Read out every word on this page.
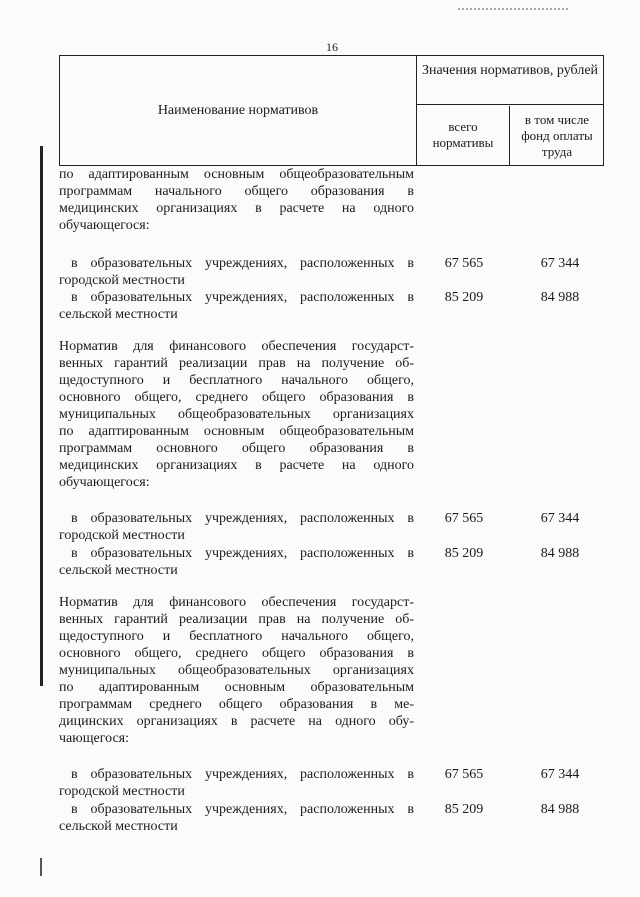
16
Наименование нормативов
Значения нормативов, рублей
всего нормативы
в том числе фонд оплаты труда
по адаптированным основным общеобразовательным
программам начального общего образования в
медицинских организациях в расчете на одного
обучающегося:
в образовательных учреждениях, расположенных в
городской местности
67 565	67 344
в образовательных учреждениях, расположенных в
сельской местности
85 209	84 988
Норматив для финансового обеспечения государст-
венных гарантий реализации прав на получение об-
щедоступного и бесплатного начального общего,
основного общего, среднего общего образования в
муниципальных общеобразовательных организациях
по адаптированным основным общеобразовательным
программам основного общего образования в
медицинских организациях в расчете на одного
обучающегося:
в образовательных учреждениях, расположенных в
городской местности
67 565	67 344
в образовательных учреждениях, расположенных в
сельской местности
85 209	84 988
Норматив для финансового обеспечения государст-
венных гарантий реализации прав на получение об-
щедоступного и бесплатного начального общего,
основного общего, среднего общего образования в
муниципальных общеобразовательных организациях
по адаптированным основным образовательным
программам среднего общего образования в ме-
дицинских организациях в расчете на одного обу-
чающегося:
в образовательных учреждениях, расположенных в
городской местности
67 565	67 344
в образовательных учреждениях, расположенных в
сельской местности
85 209	84 988
